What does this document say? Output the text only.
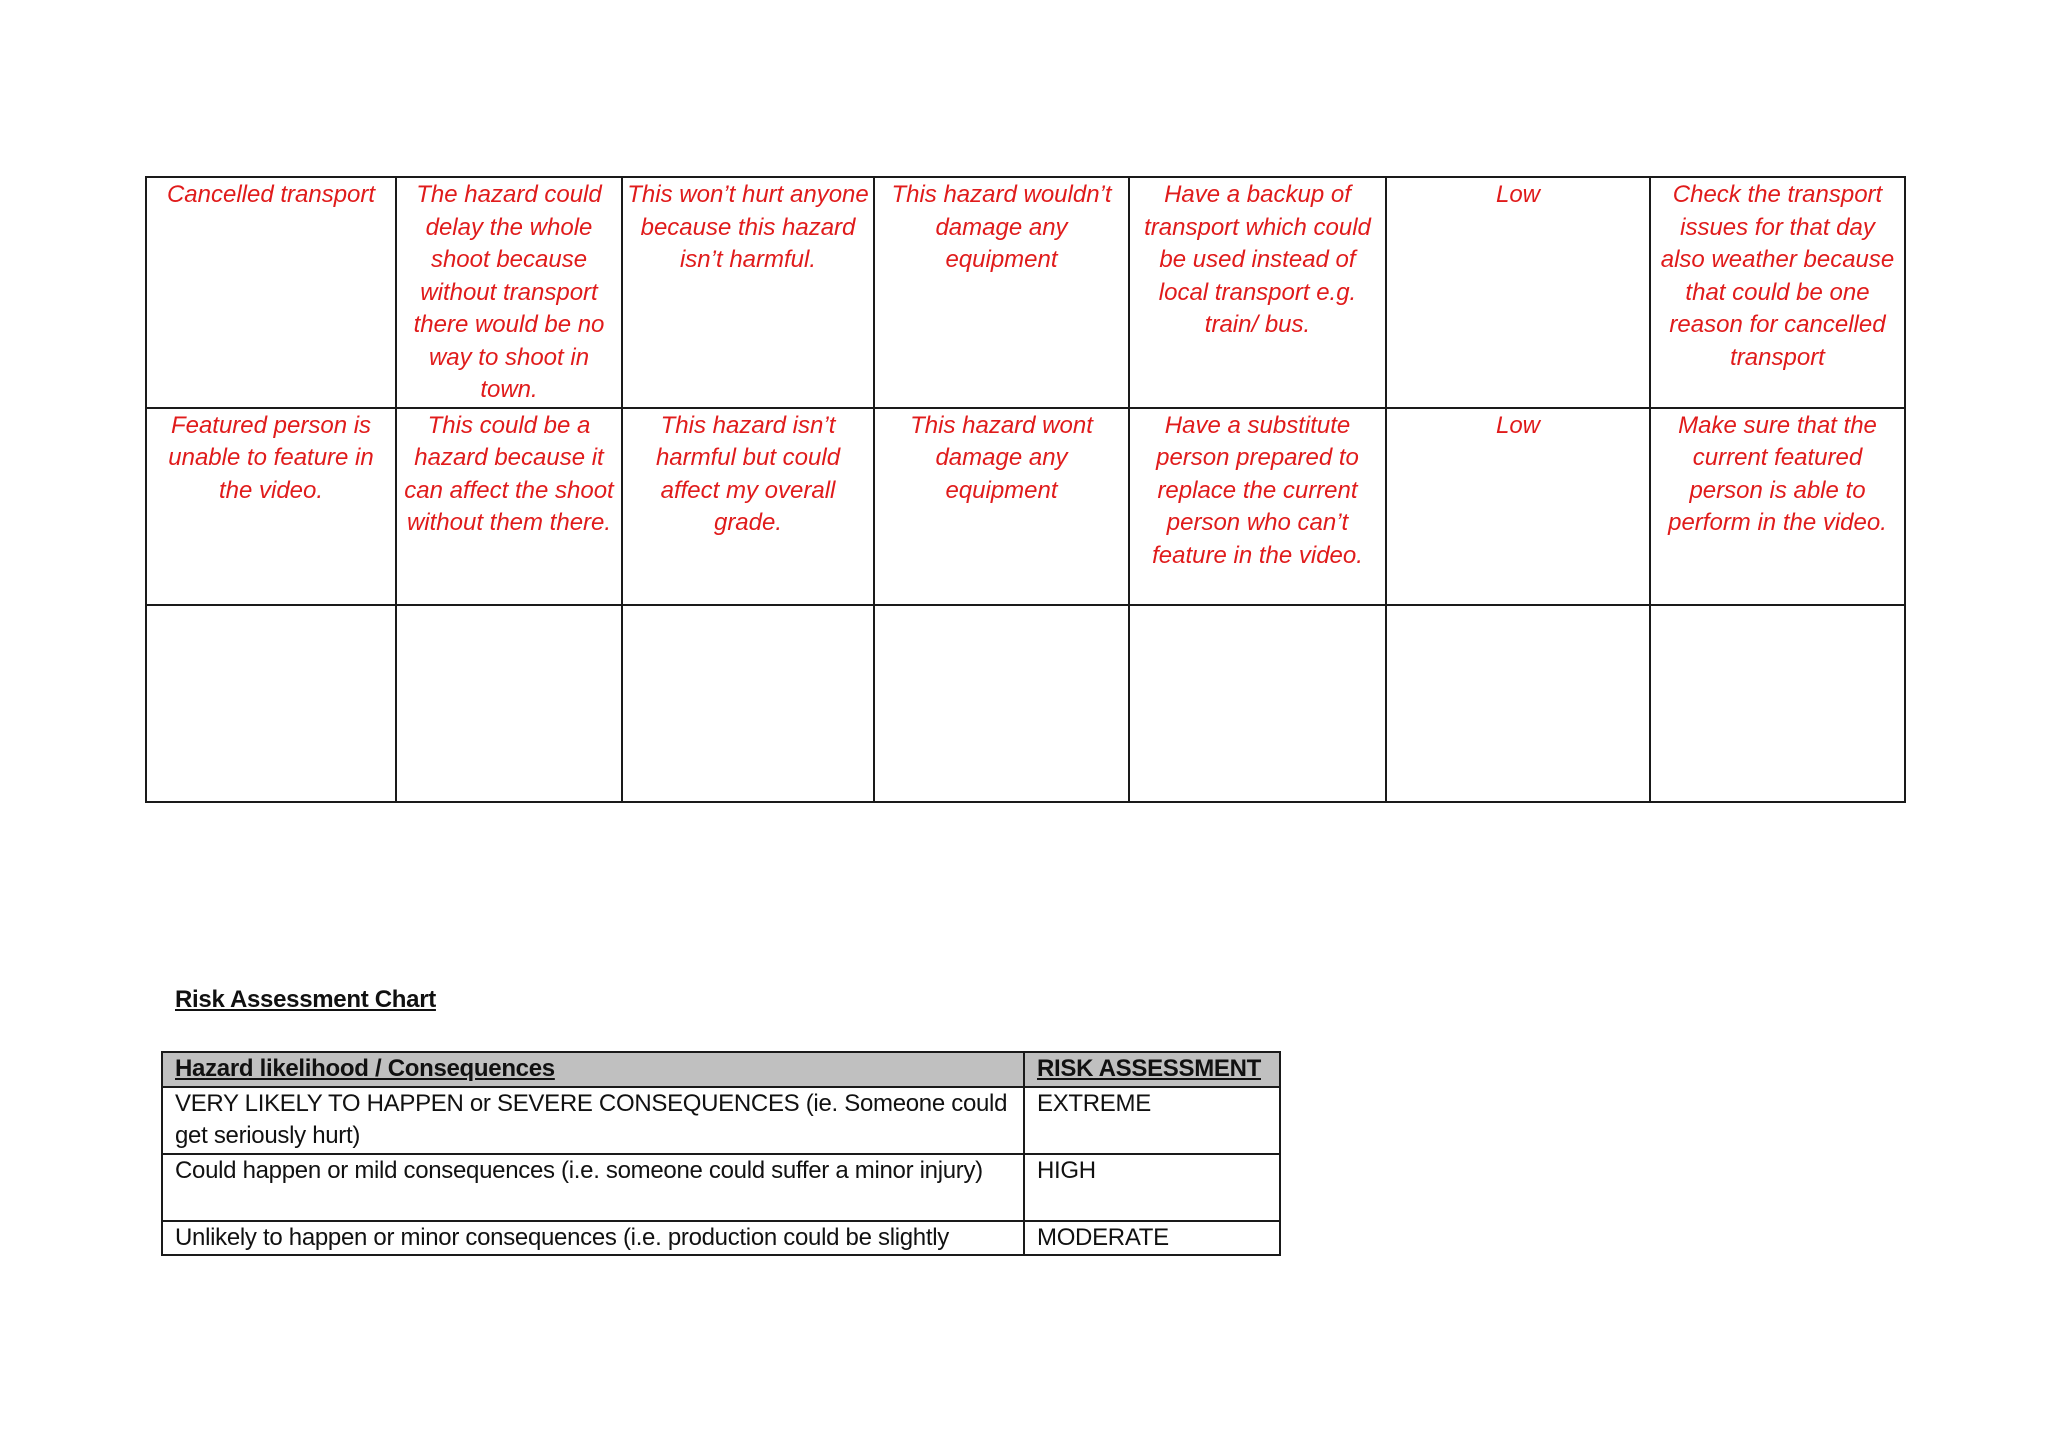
Cancelled transport	The hazard could delay the whole shoot because without transport there would be no way to shoot in town.	This won’t hurt anyone because this hazard isn’t harmful.	This hazard wouldn’t damage any equipment	Have a backup of transport which could be used instead of local transport e.g. train/ bus.	Low	Check the transport issues for that day also weather because that could be one reason for cancelled transport
Featured person is unable to feature in the video.	This could be a hazard because it can affect the shoot without them there.	This hazard isn’t harmful but could affect my overall grade.	This hazard wont damage any equipment	Have a substitute person prepared to replace the current person who can’t feature in the video.	Low	Make sure that the current featured person is able to perform in the video.

Risk Assessment Chart
Hazard likelihood / Consequences	RISK ASSESSMENT
VERY LIKELY TO HAPPEN or SEVERE CONSEQUENCES (ie. Someone could get seriously hurt)	EXTREME
Could happen or mild consequences (i.e. someone could suffer a minor injury)	HIGH
Unlikely to happen or minor consequences (i.e. production could be slightly	MODERATE
